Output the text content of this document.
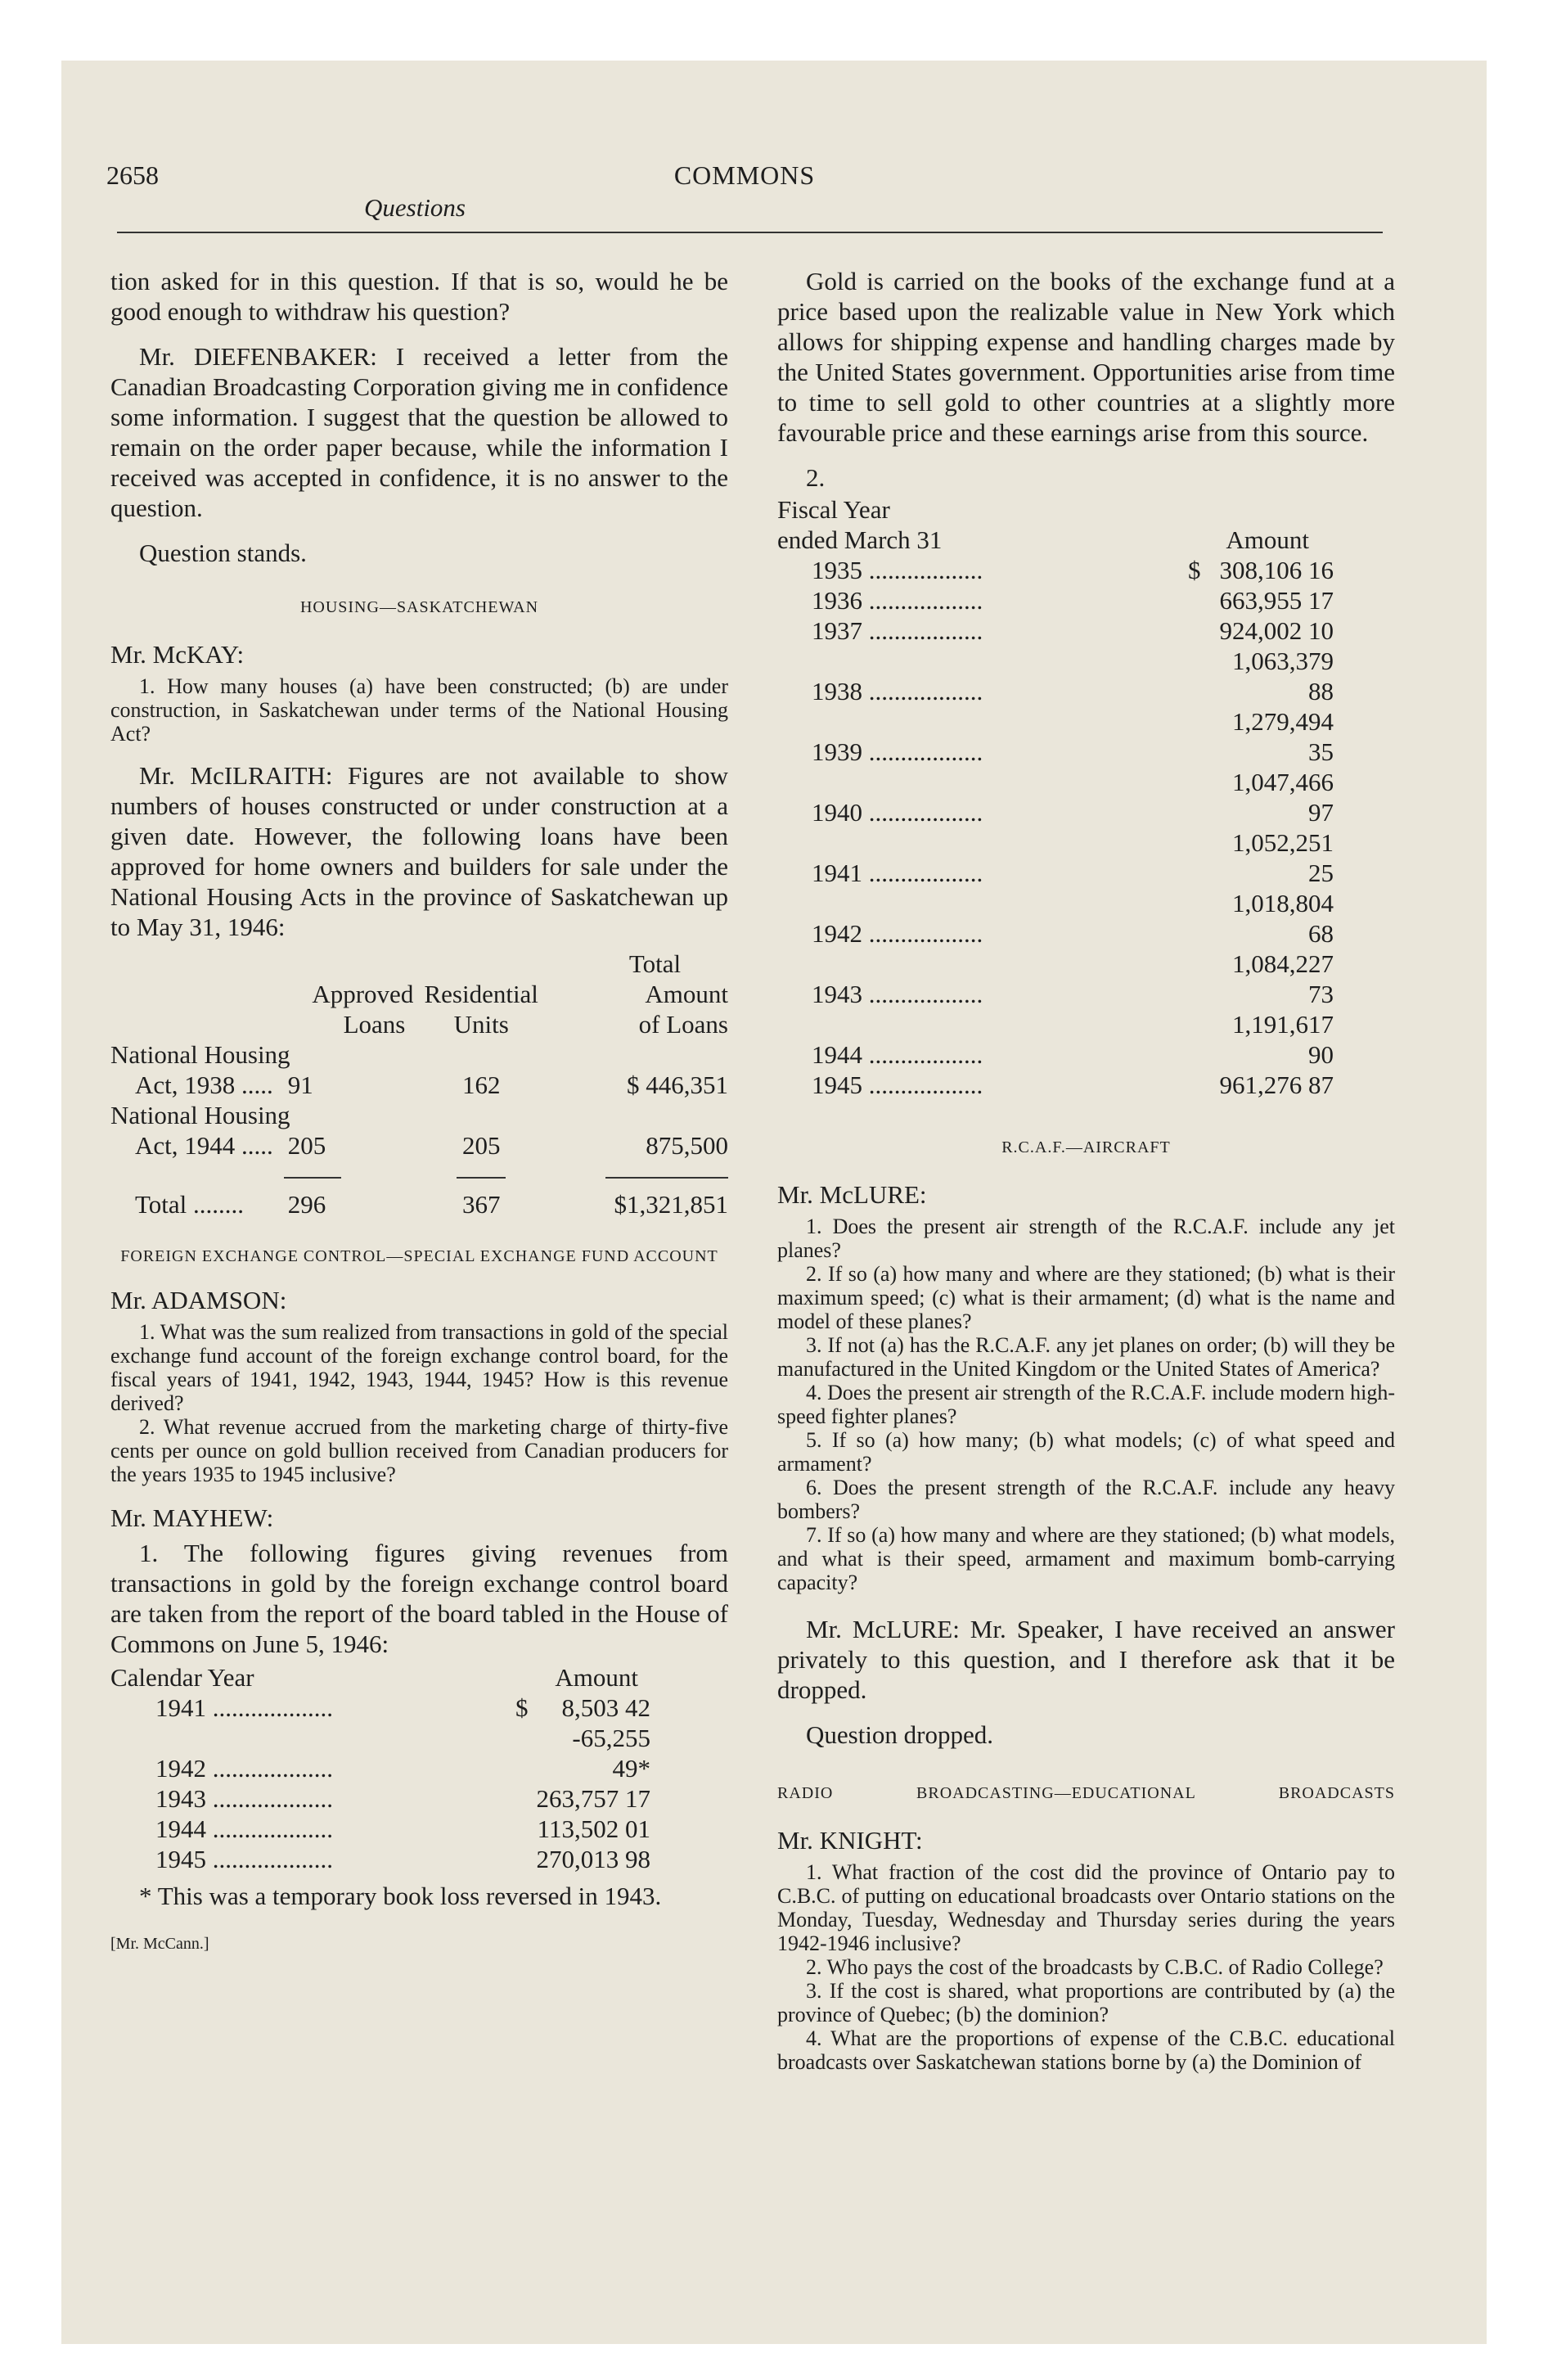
2658	COMMONS
Questions

tion asked for in this question. If that is so, would he be good enough to withdraw his question?

Mr. DIEFENBAKER: I received a letter from the Canadian Broadcasting Corporation giving me in confidence some information. I suggest that the question be allowed to remain on the order paper because, while the information I received was accepted in confidence, it is no answer to the question.

Question stands.

HOUSING—SASKATCHEWAN
Mr. McKAY:

1. How many houses (a) have been constructed; (b) are under construction, in Saskatchewan under terms of the National Housing Act?

Mr. McILRAITH: Figures are not available to show numbers of houses constructed or under construction at a given date. However, the following loans have been approved for home owners and builders for sale under the National Housing Acts in the province of Saskatchewan up to May 31, 1946:

			Total
	Approved	Residential	Amount
	Loans	Units	of Loans
National Housing			
Act, 1938 .....	91	162	$ 446,351
National Housing			
Act, 1944 .....	205	205	875,500

Total ........	296	367	$1,321,851
FOREIGN EXCHANGE CONTROL—SPECIAL EXCHANGE FUND ACCOUNT
Mr. ADAMSON:

1. What was the sum realized from transactions in gold of the special exchange fund account of the foreign exchange control board, for the fiscal years of 1941, 1942, 1943, 1944, 1945? How is this revenue derived?

2. What revenue accrued from the marketing charge of thirty-five cents per ounce on gold bullion received from Canadian producers for the years 1935 to 1945 inclusive?

Mr. MAYHEW:

1. The following figures giving revenues from transactions in gold by the foreign exchange control board are taken from the report of the board tabled in the House of Commons on June 5, 1946:

Calendar Year		Amount
1941 ...................	$	8,503 42
1942 ...................		-65,255 49*
1943 ...................		263,757 17
1944 ...................		113,502 01
1945 ...................		270,013 98

* This was a temporary book loss reversed in 1943.

[Mr. McCann.]

Gold is carried on the books of the exchange fund at a price based upon the realizable value in New York which allows for shipping expense and handling charges made by the United States government. Opportunities arise from time to time to sell gold to other countries at a slightly more favourable price and these earnings arise from this source.

2.

Fiscal Year		
ended March 31		Amount
1935 ..................	$	308,106 16
1936 ..................		663,955 17
1937 ..................		924,002 10
1938 ..................		1,063,379 88
1939 ..................		1,279,494 35
1940 ..................		1,047,466 97
1941 ..................		1,052,251 25
1942 ..................		1,018,804 68
1943 ..................		1,084,227 73
1944 ..................		1,191,617 90
1945 ..................		961,276 87
R.C.A.F.—AIRCRAFT
Mr. McLURE:

1. Does the present air strength of the R.C.A.F. include any jet planes?

2. If so (a) how many and where are they stationed; (b) what is their maximum speed; (c) what is their armament; (d) what is the name and model of these planes?

3. If not (a) has the R.C.A.F. any jet planes on order; (b) will they be manufactured in the United Kingdom or the United States of America?

4. Does the present air strength of the R.C.A.F. include modern high-speed fighter planes?

5. If so (a) how many; (b) what models; (c) of what speed and armament?

6. Does the present strength of the R.C.A.F. include any heavy bombers?

7. If so (a) how many and where are they stationed; (b) what models, and what is their speed, armament and maximum bomb-carrying capacity?

Mr. McLURE: Mr. Speaker, I have received an answer privately to this question, and I therefore ask that it be dropped.

Question dropped.

RADIO BROADCASTING—EDUCATIONAL BROADCASTS
Mr. KNIGHT:

1. What fraction of the cost did the province of Ontario pay to C.B.C. of putting on educational broadcasts over Ontario stations on the Monday, Tuesday, Wednesday and Thursday series during the years 1942-1946 inclusive?

2. Who pays the cost of the broadcasts by C.B.C. of Radio College?

3. If the cost is shared, what proportions are contributed by (a) the province of Quebec; (b) the dominion?

4. What are the proportions of expense of the C.B.C. educational broadcasts over Saskatchewan stations borne by (a) the Dominion of
